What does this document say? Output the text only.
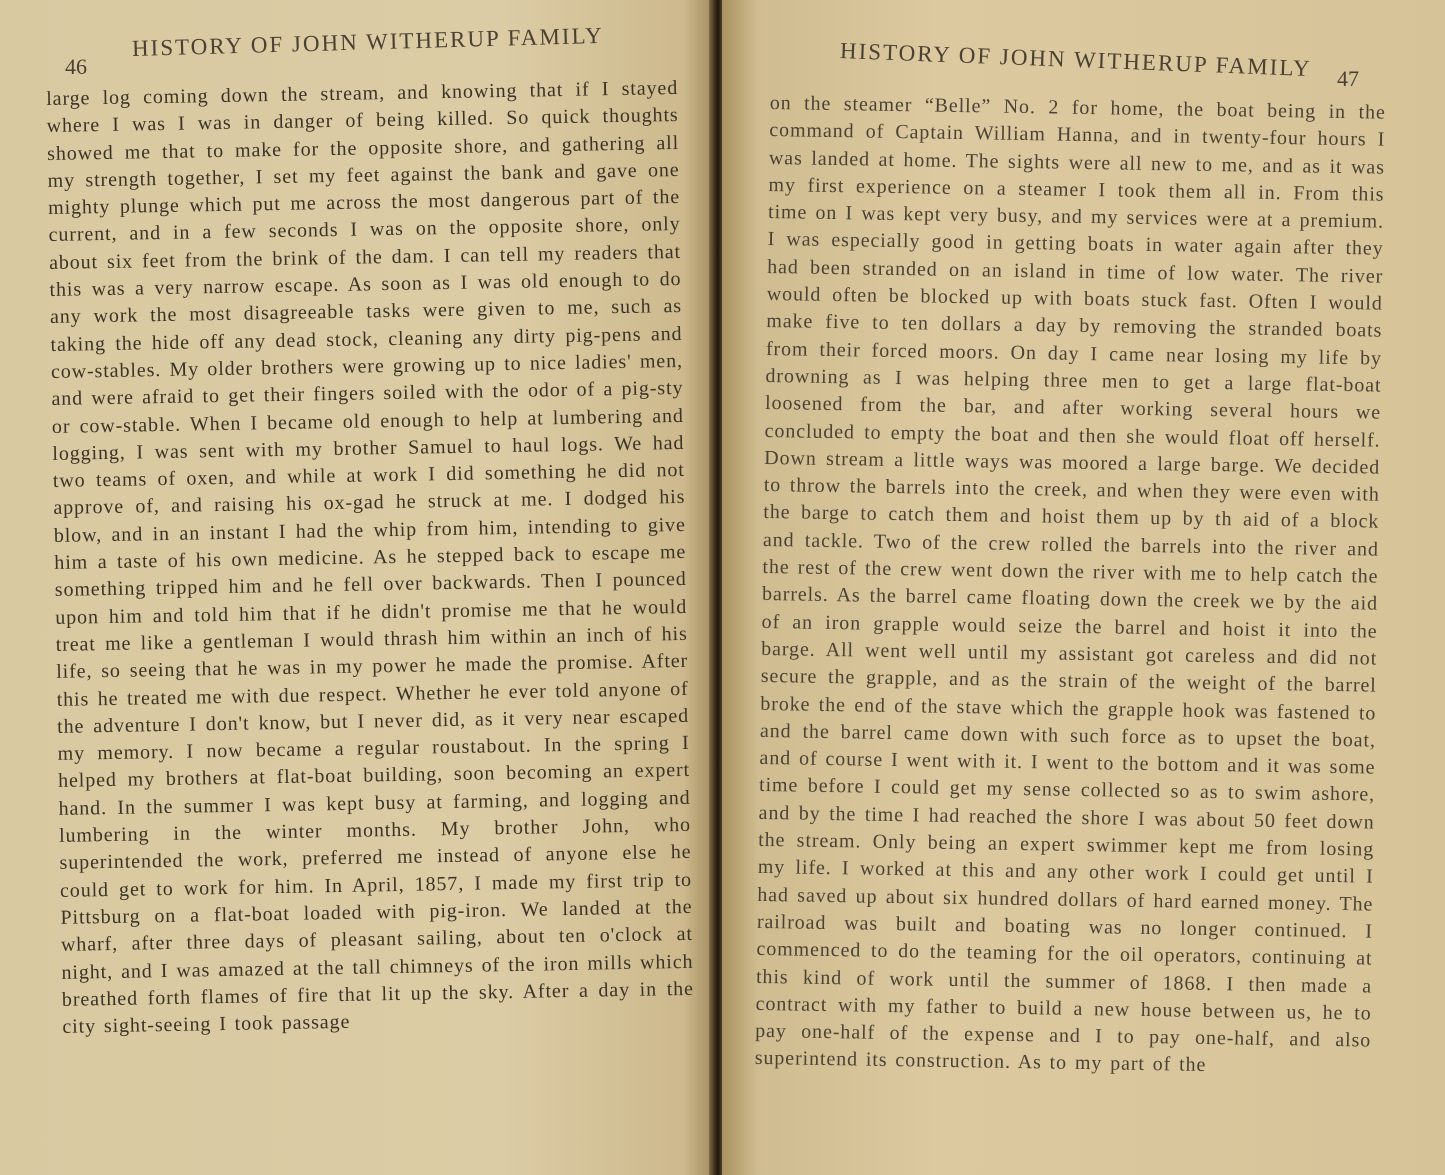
46
HISTORY OF JOHN WITHERUP FAMILY
large log coming down the stream, and knowing that if I stayed where I was I was in danger of being killed. So quick thoughts showed me that to make for the opposite shore, and gathering all my strength together, I set my feet against the bank and gave one mighty plunge which put me across the most dangerous part of the current, and in a few seconds I was on the opposite shore, only about six feet from the brink of the dam. I can tell my readers that this was a very narrow escape. As soon as I was old enough to do any work the most disagreeable tasks were given to me, such as taking the hide off any dead stock, cleaning any dirty pig-pens and cow-stables. My older brothers were growing up to nice ladies' men, and were afraid to get their fingers soiled with the odor of a pig-sty or cow-stable. When I became old enough to help at lumbering and logging, I was sent with my brother Samuel to haul logs. We had two teams of oxen, and while at work I did something he did not approve of, and raising his ox-gad he struck at me. I dodged his blow, and in an instant I had the whip from him, intending to give him a taste of his own medicine. As he stepped back to escape me something tripped him and he fell over backwards. Then I pounced upon him and told him that if he didn't promise me that he would treat me like a gentleman I would thrash him within an inch of his life, so seeing that he was in my power he made the promise. After this he treated me with due respect. Whether he ever told anyone of the adventure I don't know, but I never did, as it very near escaped my memory. I now became a regular roustabout. In the spring I helped my brothers at flat-boat building, soon becoming an expert hand. In the summer I was kept busy at farming, and logging and lumbering in the winter months. My brother John, who superintended the work, preferred me instead of anyone else he could get to work for him. In April, 1857, I made my first trip to Pittsburg on a flat-boat loaded with pig-iron. We landed at the wharf, after three days of pleasant sailing, about ten o'clock at night, and I was amazed at the tall chimneys of the iron mills which breathed forth flames of fire that lit up the sky. After a day in the city sight-seeing I took passage
HISTORY OF JOHN WITHERUP FAMILY 47
on the steamer “Belle” No. 2 for home, the boat being in the command of Captain William Hanna, and in twenty-four hours I was landed at home. The sights were all new to me, and as it was my first experience on a steamer I took them all in. From this time on I was kept very busy, and my services were at a premium. I was especially good in getting boats in water again after they had been stranded on an island in time of low water. The river would often be blocked up with boats stuck fast. Often I would make five to ten dollars a day by removing the stranded boats from their forced moors. On day I came near losing my life by drowning as I was helping three men to get a large flat-boat loosened from the bar, and after working several hours we concluded to empty the boat and then she would float off herself. Down stream a little ways was moored a large barge. We decided to throw the barrels into the creek, and when they were even with the barge to catch them and hoist them up by th aid of a block and tackle. Two of the crew rolled the barrels into the river and the rest of the crew went down the river with me to help catch the barrels. As the barrel came floating down the creek we by the aid of an iron grapple would seize the barrel and hoist it into the barge. All went well until my assistant got careless and did not secure the grapple, and as the strain of the weight of the barrel broke the end of the stave which the grapple hook was fastened to and the barrel came down with such force as to upset the boat, and of course I went with it. I went to the bottom and it was some time before I could get my sense collected so as to swim ashore, and by the time I had reached the shore I was about 50 feet down the stream. Only being an expert swimmer kept me from losing my life. I worked at this and any other work I could get until I had saved up about six hundred dollars of hard earned money. The railroad was built and boating was no longer continued. I commenced to do the teaming for the oil operators, continuing at this kind of work until the summer of 1868. I then made a contract with my father to build a new house between us, he to pay one-half of the expense and I to pay one-half, and also superintend its construction. As to my part of the
